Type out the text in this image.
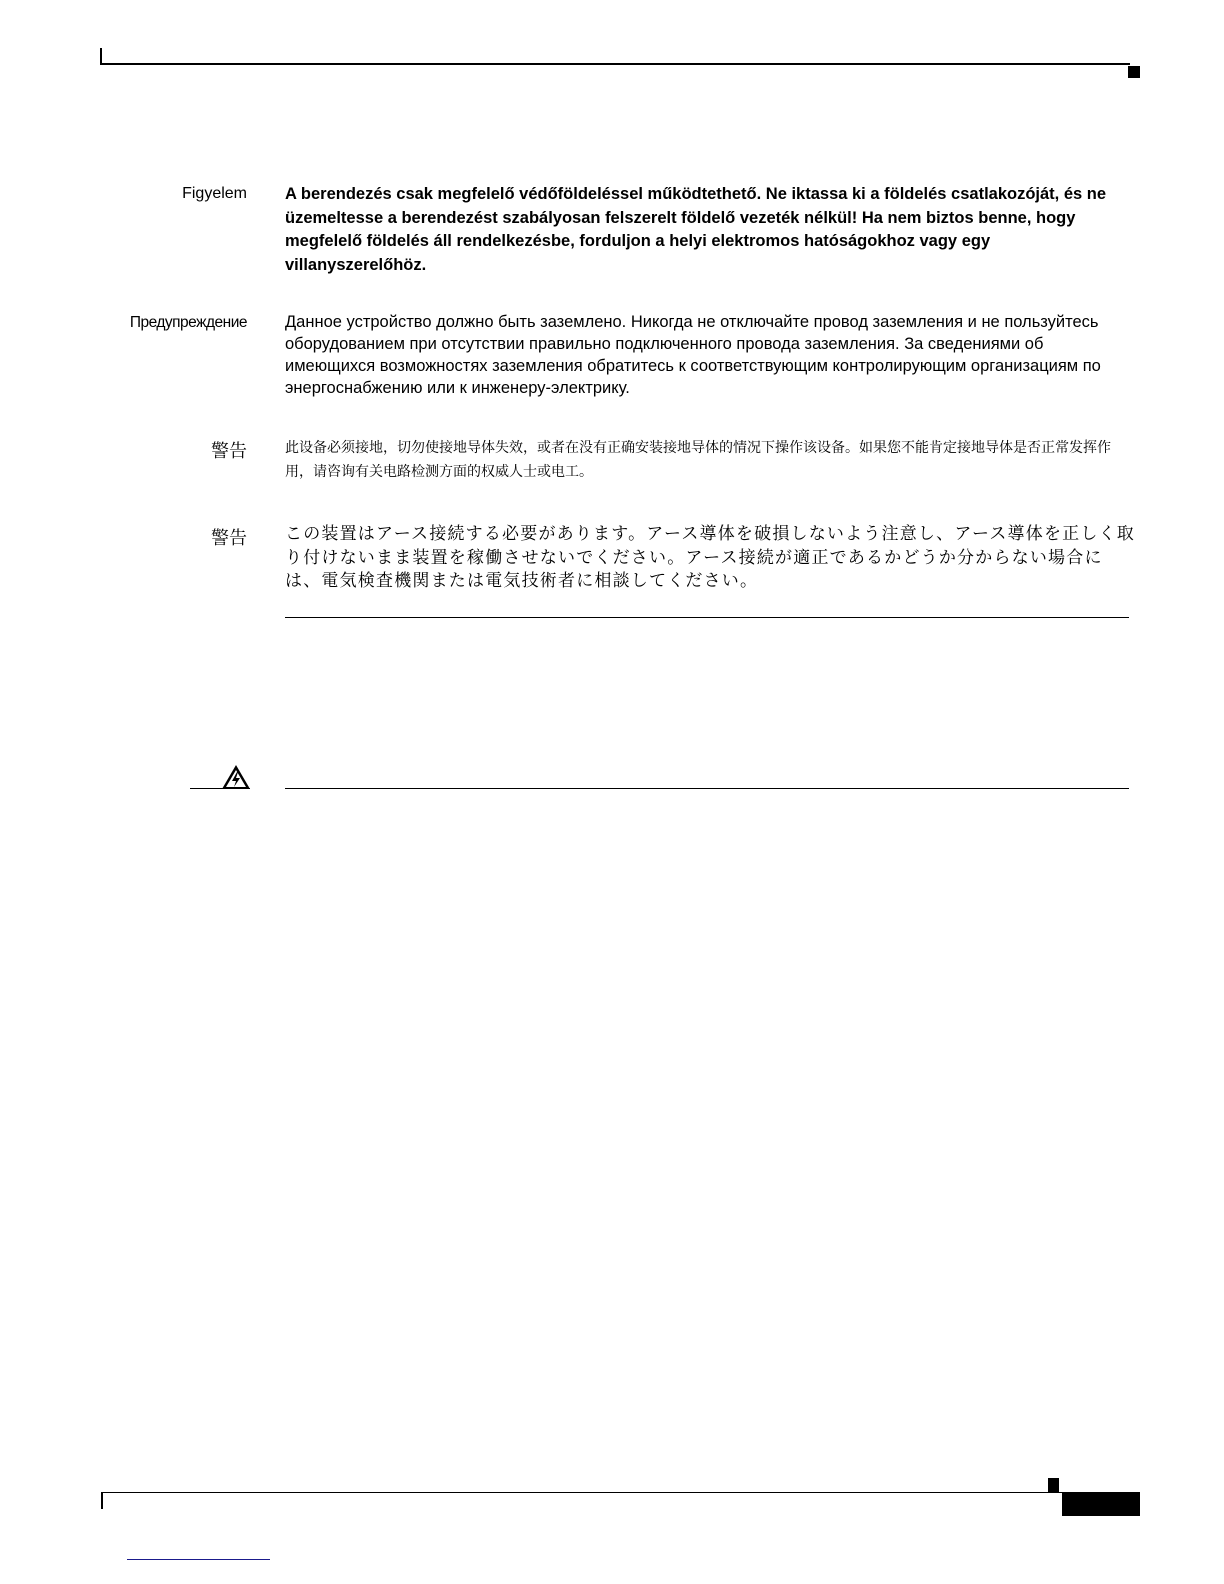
Figyelem A berendezés csak megfelelő védőföldeléssel működtethető. Ne iktassa ki a földelés csatlakozóját, és ne üzemeltesse a berendezést szabályosan felszerelt földelő vezeték nélkül! Ha nem biztos benne, hogy megfelelő földelés áll rendelkezésbe, forduljon a helyi elektromos hatóságokhoz vagy egy villanyszerelőhöz.
Предупреждение Данное устройство должно быть заземлено. Никогда не отключайте провод заземления и не пользуйтесь оборудованием при отсутствии правильно подключенного провода заземления. За сведениями об имеющихся возможностях заземления обратитесь к соответствующим контролирующим организациям по энергоснабжению или к инженеру-электрику.
警告	此设备必须接地，切勿使接地导体失效，或者在没有正确安装接地导体的情况下操作该设备。如果您不能肯定接地导体是否正常发挥作用，请咨询有关电路检测方面的权威人士或电工。
警告 この装置はアース接続する必要があります。アース導体を破損しないよう注意し、アース導体を正しく取り付けないまま装置を稼働させないでください。アース接続が適正であるかどうか分からない場合には、電気検査機関または電気技術者に相談してください。
